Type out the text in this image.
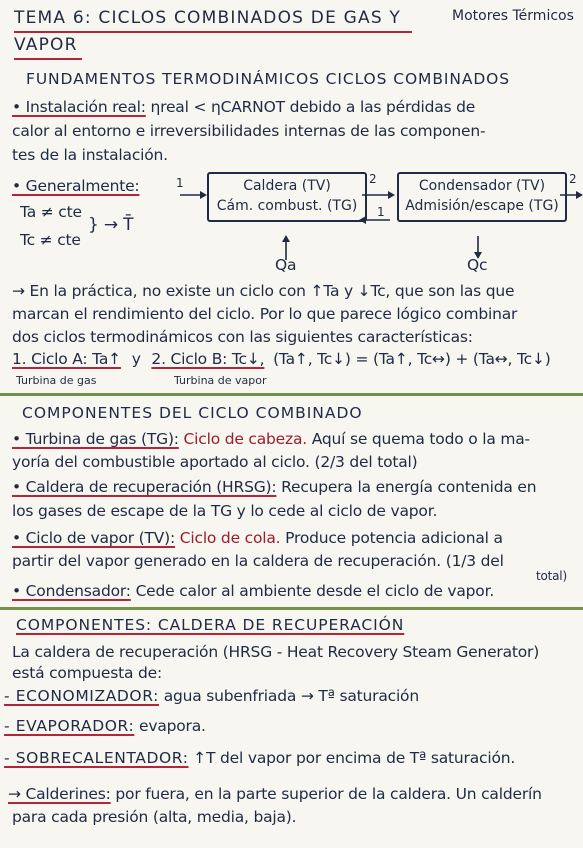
TEMA 6: CICLOS COMBINADOS DE GAS Y
VAPOR
Motores Térmicos
FUNDAMENTOS TERMODINÁMICOS CICLOS COMBINADOS
• Instalación real: ηreal < ηCARNOT debido a las pérdidas de
calor al entorno e irreversibilidades internas de las componen-
tes de la instalación.
• Generalmente:
Ta ≠ cte
Tc ≠ cte
} → T̄
1	Caldera (TV)
Cám. combust. (TG)
Condensador (TV)
Admisión/escape (TG)
2
1
2
Qa	Qc
→ En la práctica, no existe un ciclo con ↑Ta y ↓Tc, que son las que
marcan el rendimiento del ciclo. Por lo que parece lógico combinar
dos ciclos termodinámicos con las siguientes características:
1. Ciclo A: Ta↑ y 2. Ciclo B: Tc↓, (Ta↑, Tc↓) = (Ta↑, Tc↔) + (Ta↔, Tc↓)
Turbina de gas	Turbina de vapor
COMPONENTES DEL CICLO COMBINADO
• Turbina de gas (TG): Ciclo de cabeza. Aquí se quema todo o la ma-
yoría del combustible aportado al ciclo. (2/3 del total)
• Caldera de recuperación (HRSG): Recupera la energía contenida en
los gases de escape de la TG y lo cede al ciclo de vapor.
• Ciclo de vapor (TV): Ciclo de cola. Produce potencia adicional a
partir del vapor generado en la caldera de recuperación. (1/3 del
total)
• Condensador: Cede calor al ambiente desde el ciclo de vapor.
COMPONENTES: CALDERA DE RECUPERACIÓN
La caldera de recuperación (HRSG - Heat Recovery Steam Generator)
está compuesta de:
- ECONOMIZADOR: agua subenfriada → Tª saturación
- EVAPORADOR: evapora.
- SOBRECALENTADOR: ↑T del vapor por encima de Tª saturación.
→ Calderines: por fuera, en la parte superior de la caldera. Un calderín
para cada presión (alta, media, baja).
